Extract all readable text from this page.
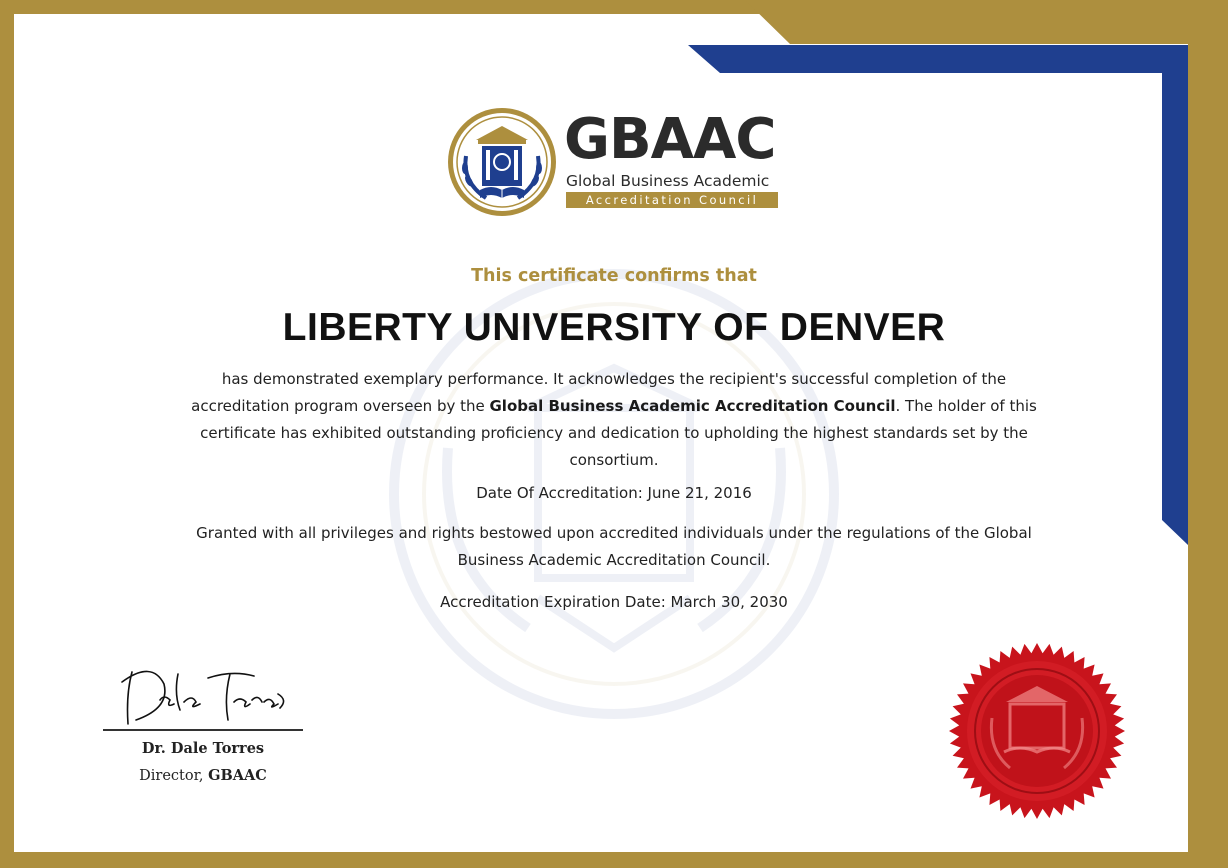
GBAAC
Global Business Academic
Accreditation Council
This certificate confirms that
LIBERTY UNIVERSITY OF DENVER
has demonstrated exemplary performance. It acknowledges the recipient's successful completion of the accreditation program overseen by the Global Business Academic Accreditation Council. The holder of this certificate has exhibited outstanding proficiency and dedication to upholding the highest standards set by the consortium.
Date Of Accreditation: June 21, 2016
Granted with all privileges and rights bestowed upon accredited individuals under the regulations of the Global Business Academic Accreditation Council.
Accreditation Expiration Date: March 30, 2030
Dr. Dale Torres
Director, GBAAC
